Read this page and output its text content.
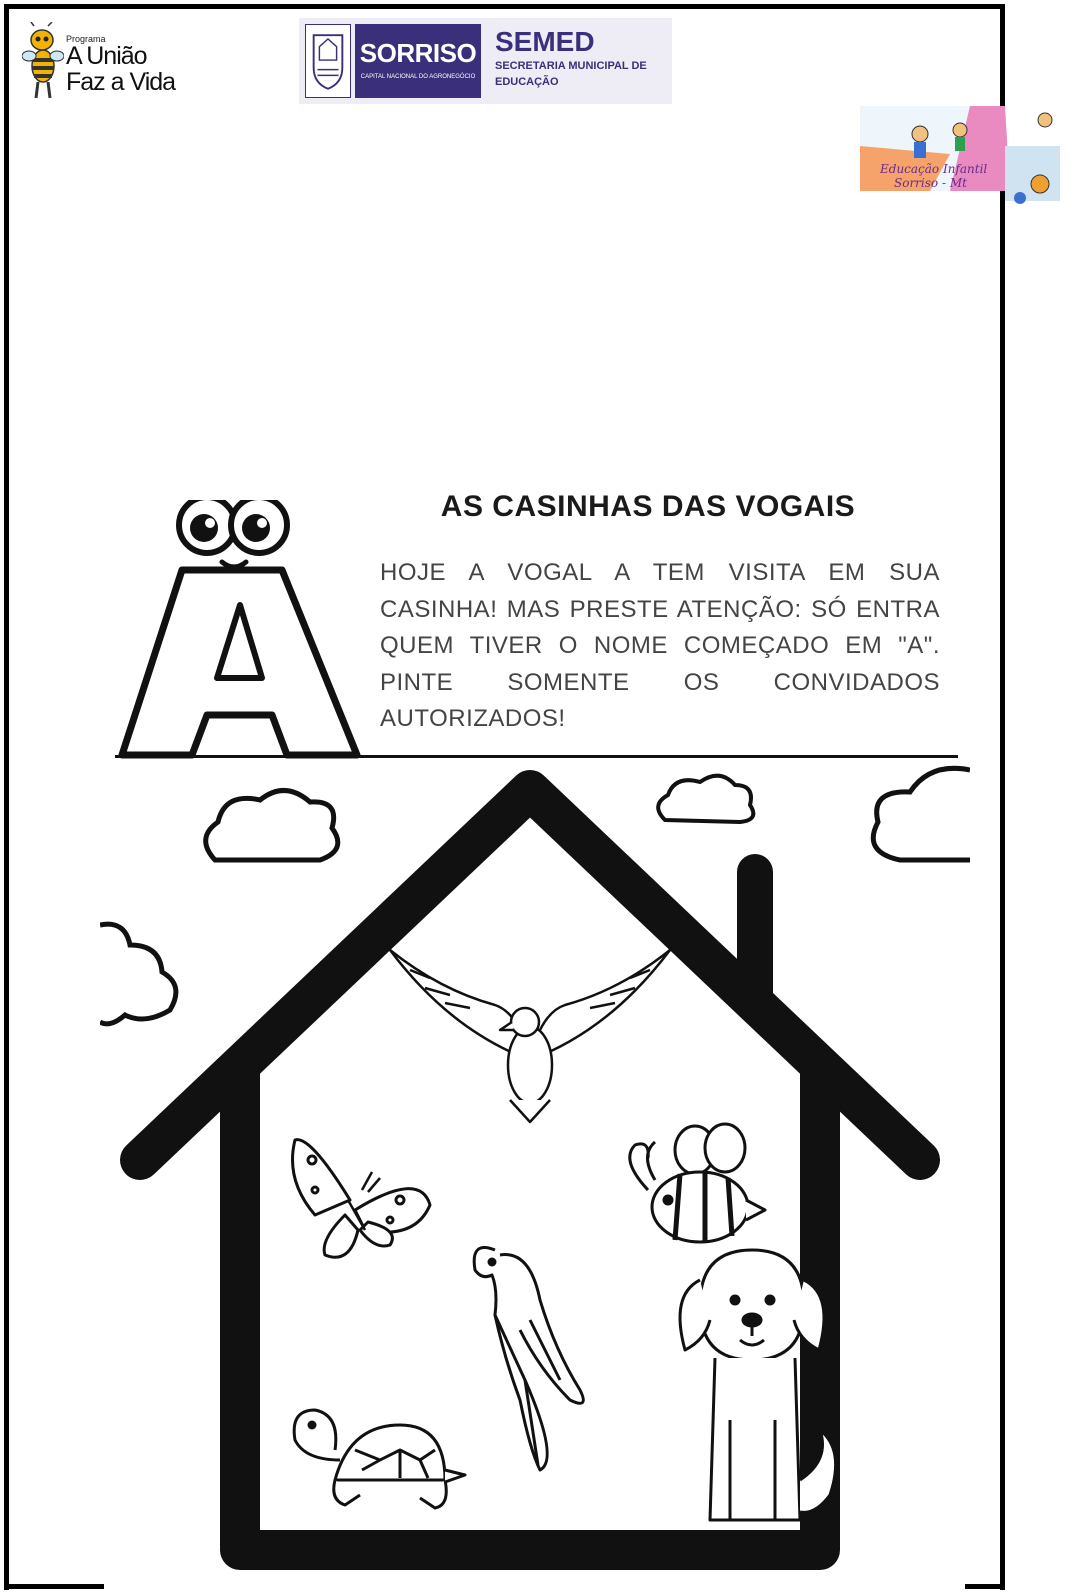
Programa
A União
Faz a Vida
SORRISO
CAPITAL NACIONAL DO AGRONEGÓCIO
SEMED
SECRETARIA MUNICIPAL DE
EDUCAÇÃO
Educação Infantil
Sorriso - Mt
AS CASINHAS DAS VOGAIS
HOJE A VOGAL A TEM VISITA EM SUA CASINHA! MAS PRESTE ATENÇÃO: SÓ ENTRA QUEM TIVER O NOME COMEÇADO EM "A". PINTE SOMENTE OS CONVIDADOS AUTORIZADOS!
